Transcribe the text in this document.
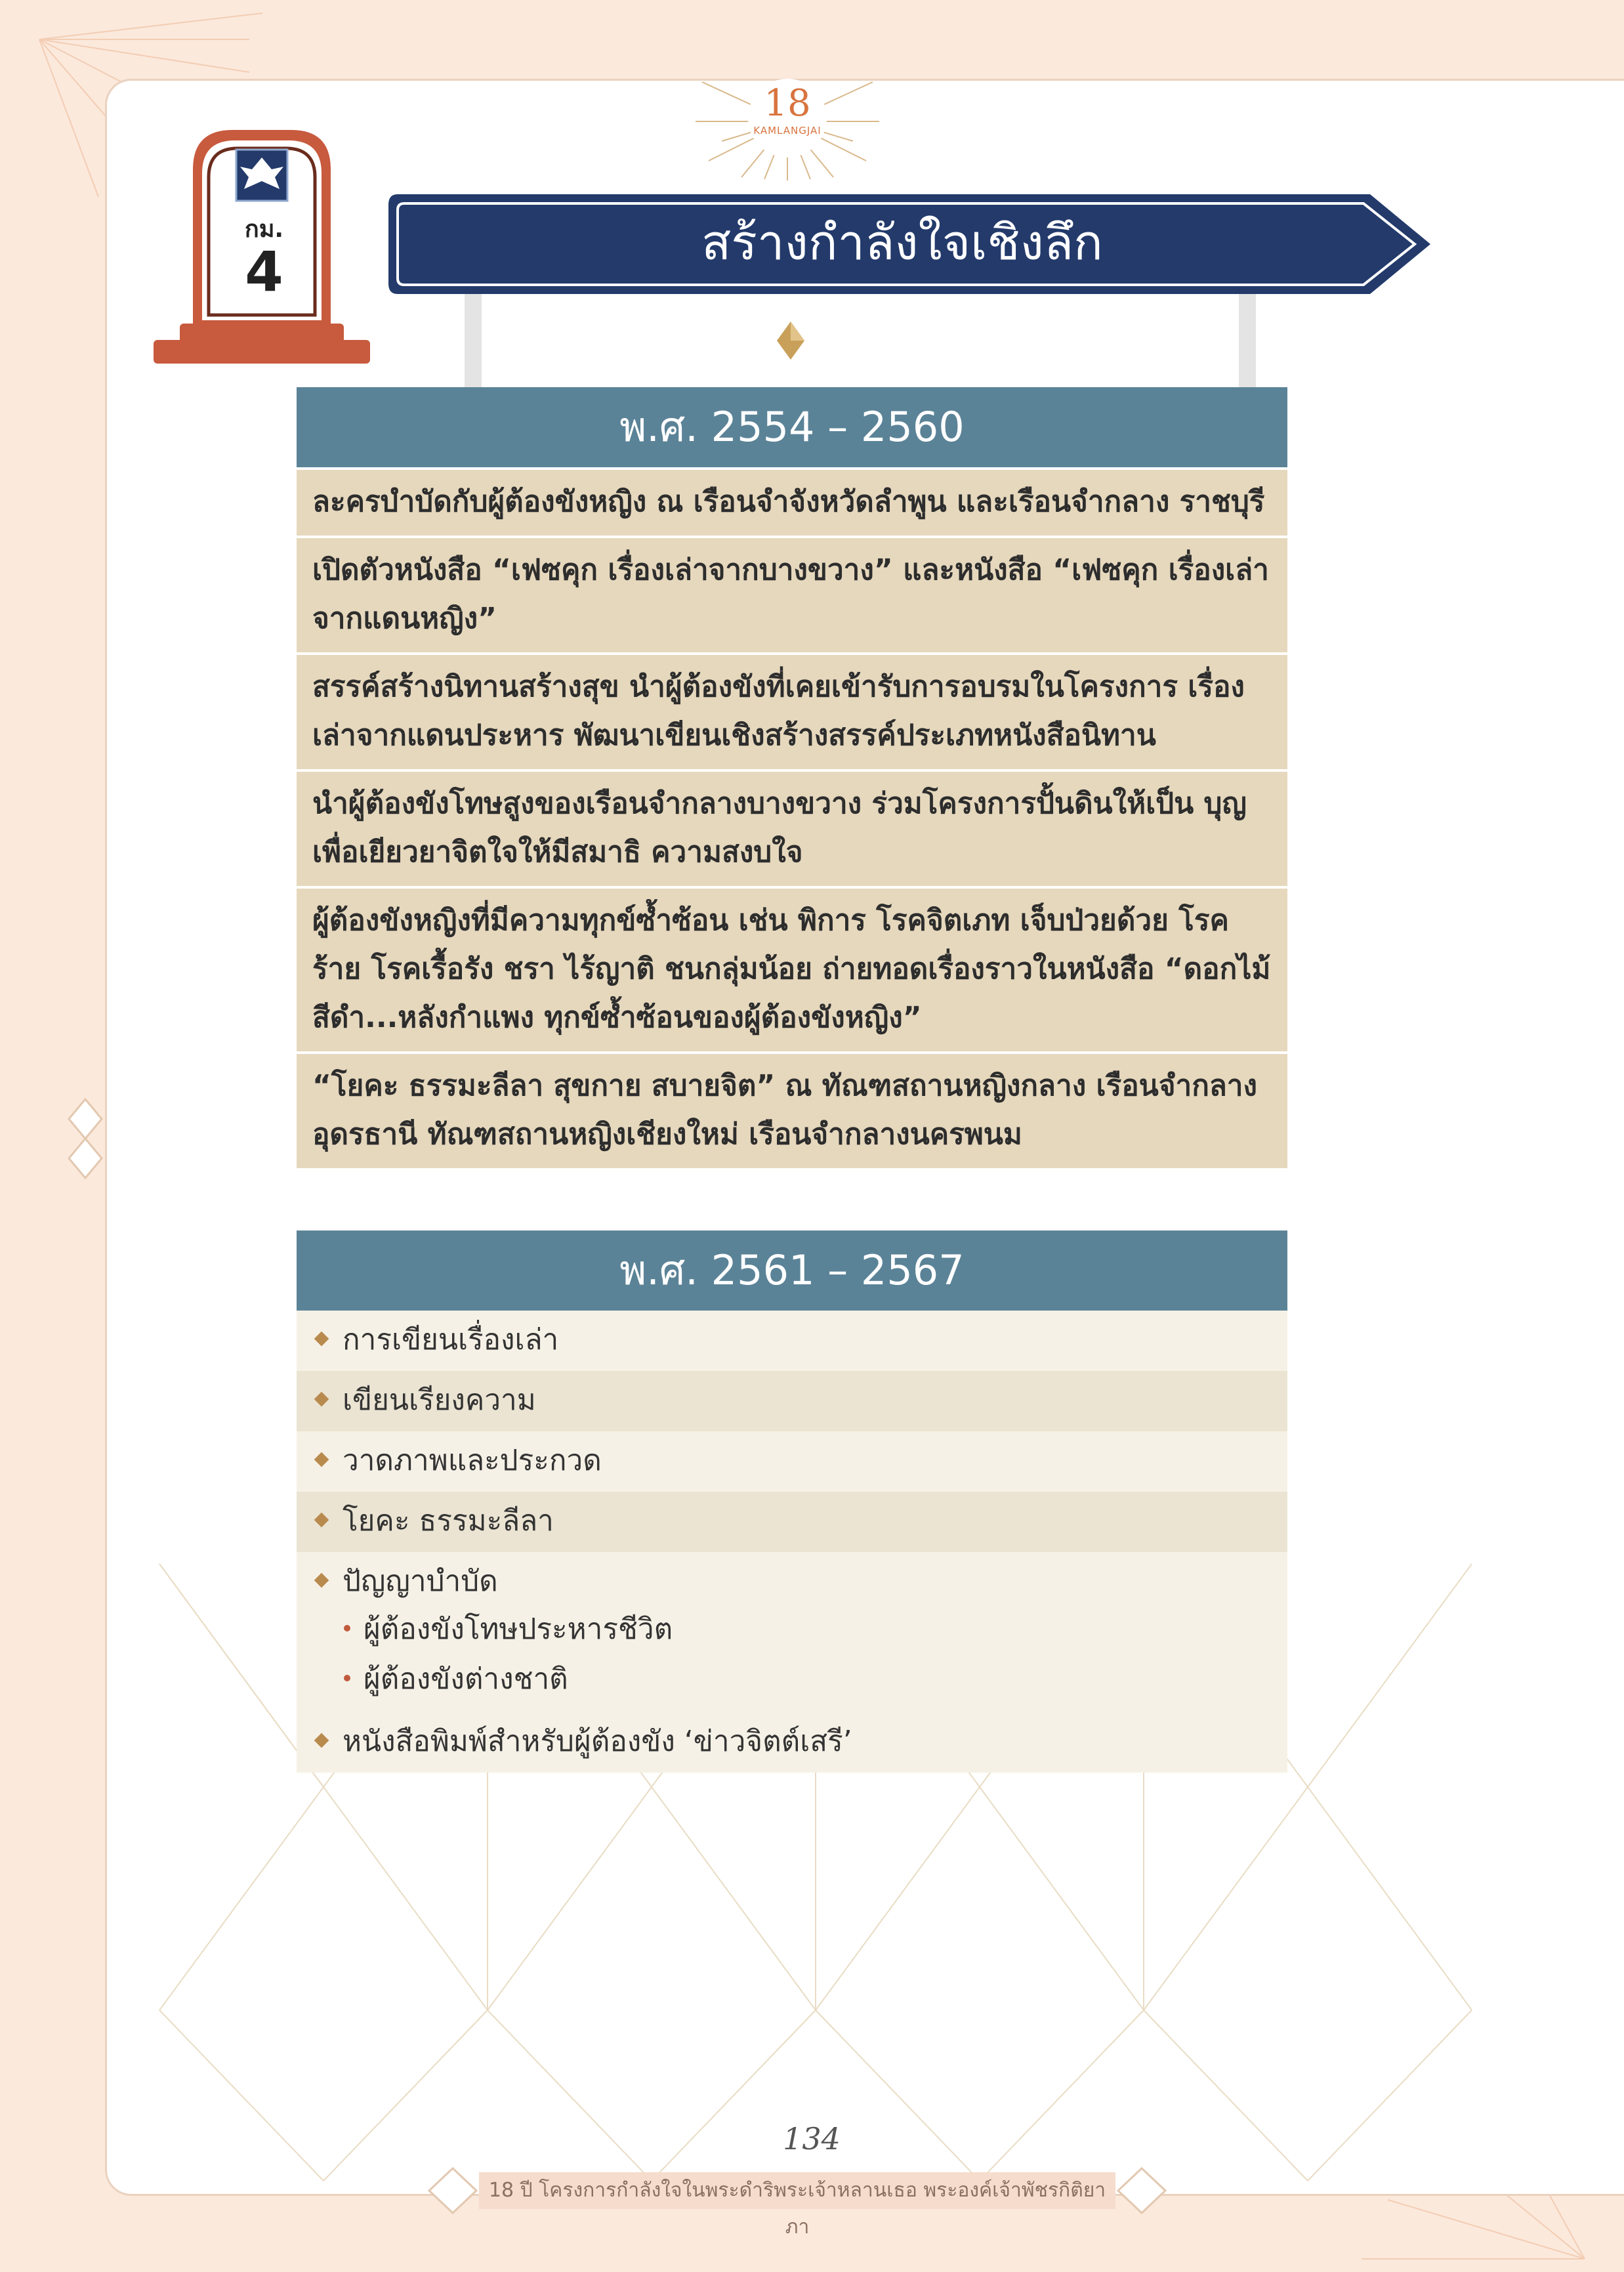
18
KAMLANGJAI
กม.
4	สร้างกำลังใจเชิงลึก
พ.ศ. 2554 – 2560
ละครบำบัดกับผู้ต้องขังหญิง ณ เรือนจำจังหวัดลำพูน และเรือนจำกลาง ราชบุรี
เปิดตัวหนังสือ “เฟซคุก เรื่องเล่าจากบางขวาง” และหนังสือ “เฟซคุก เรื่องเล่า จากแดนหญิง”
สรรค์สร้างนิทานสร้างสุข นำผู้ต้องขังที่เคยเข้ารับการอบรมในโครงการ เรื่องเล่าจากแดนประหาร พัฒนาเขียนเชิงสร้างสรรค์ประเภทหนังสือนิทาน
นำผู้ต้องขังโทษสูงของเรือนจำกลางบางขวาง ร่วมโครงการปั้นดินให้เป็น บุญ เพื่อเยียวยาจิตใจให้มีสมาธิ ความสงบใจ
ผู้ต้องขังหญิงที่มีความทุกข์ซ้ำซ้อน เช่น พิการ โรคจิตเภท เจ็บป่วยด้วย โรคร้าย โรคเรื้อรัง ชรา ไร้ญาติ ชนกลุ่มน้อย ถ่ายทอดเรื่องราวในหนังสือ “ดอกไม้สีดำ...หลังกำแพง ทุกข์ซ้ำซ้อนของผู้ต้องขังหญิง”
“โยคะ ธรรมะลีลา สุขกาย สบายจิต” ณ ทัณฑสถานหญิงกลาง เรือนจำกลาง อุดรธานี ทัณฑสถานหญิงเชียงใหม่ เรือนจำกลางนครพนม
พ.ศ. 2561 – 2567
การเขียนเรื่องเล่า
เขียนเรียงความ
วาดภาพและประกวด
โยคะ ธรรมะลีลา
ปัญญาบำบัด
ผู้ต้องขังโทษประหารชีวิต
ผู้ต้องขังต่างชาติ
หนังสือพิมพ์สำหรับผู้ต้องขัง ‘ข่าวจิตต์เสรี’
134
18 ปี โครงการกำลังใจในพระดำริพระเจ้าหลานเธอ พระองค์เจ้าพัชรกิติยาภา
